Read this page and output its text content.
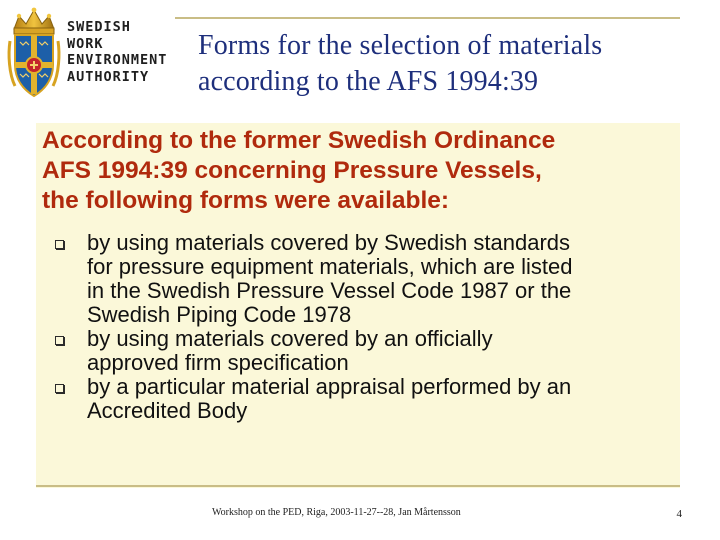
SWEDISH
WORK
ENVIRONMENT
AUTHORITY
Forms for the selection of materials
according to the AFS 1994:39

According to the former Swedish Ordinance
AFS 1994:39 concerning Pressure Vessels,
the following forms were available:

by using materials covered by Swedish standards
for pressure equipment materials, which are listed
in the Swedish Pressure Vessel Code 1987 or the
Swedish Piping Code 1978
by using materials covered by an officially
approved firm specification
by a particular material appraisal performed by an
Accredited Body
Workshop on the PED, Riga, 2003-11-27--28, Jan Mårtensson	4
